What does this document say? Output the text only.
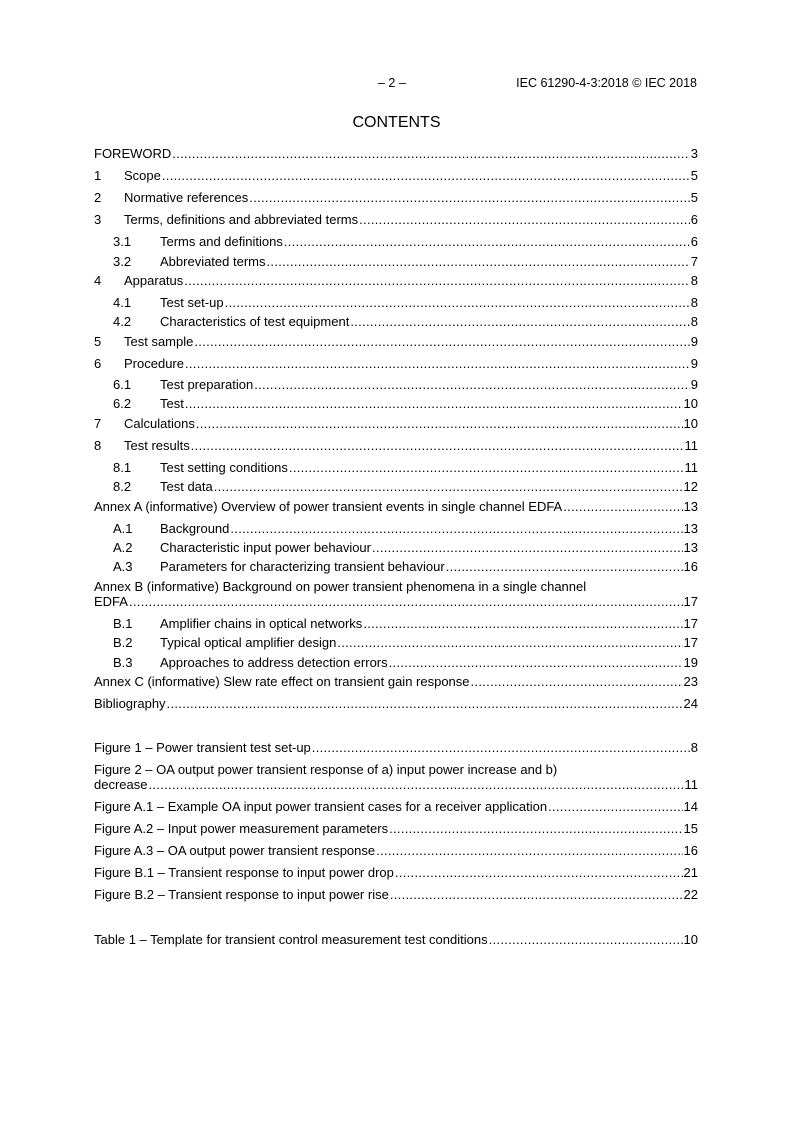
– 2 –	IEC 61290-4-3:2018 © IEC 2018
CONTENTS
FOREWORD .....	3
1	Scope .....	5
2	Normative references .....	5
3	Terms, definitions and abbreviated terms .....	6
3.1	Terms and definitions .....	6
3.2	Abbreviated terms .....	7
4	Apparatus .....	8
4.1	Test set-up .....	8
4.2	Characteristics of test equipment .....	8
5	Test sample .....	9
6	Procedure .....	9
6.1	Test preparation .....	9
6.2	Test .....	10
7	Calculations .....	10
8	Test results .....	11
8.1	Test setting conditions .....	11
8.2	Test data .....	12
Annex A (informative) Overview of power transient events in single channel EDFA .....	13
A.1	Background .....	13
A.2	Characteristic input power behaviour .....	13
A.3	Parameters for characterizing transient behaviour .....	16
Annex B (informative) Background on power transient phenomena in a single channel
EDFA .....	17
B.1	Amplifier chains in optical networks .....	17
B.2	Typical optical amplifier design .....	17
B.3	Approaches to address detection errors .....	19
Annex C (informative) Slew rate effect on transient gain response .....	23
Bibliography .....	24
Figure 1 – Power transient test set-up .....	8
Figure 2 – OA output power transient response of a) input power increase and b)
decrease .....	11
Figure A.1 – Example OA input power transient cases for a receiver application .....	14
Figure A.2 – Input power measurement parameters .....	15
Figure A.3 – OA output power transient response .....	16
Figure B.1 – Transient response to input power drop .....	21
Figure B.2 – Transient response to input power rise .....	22
Table 1 – Template for transient control measurement test conditions .....	10
